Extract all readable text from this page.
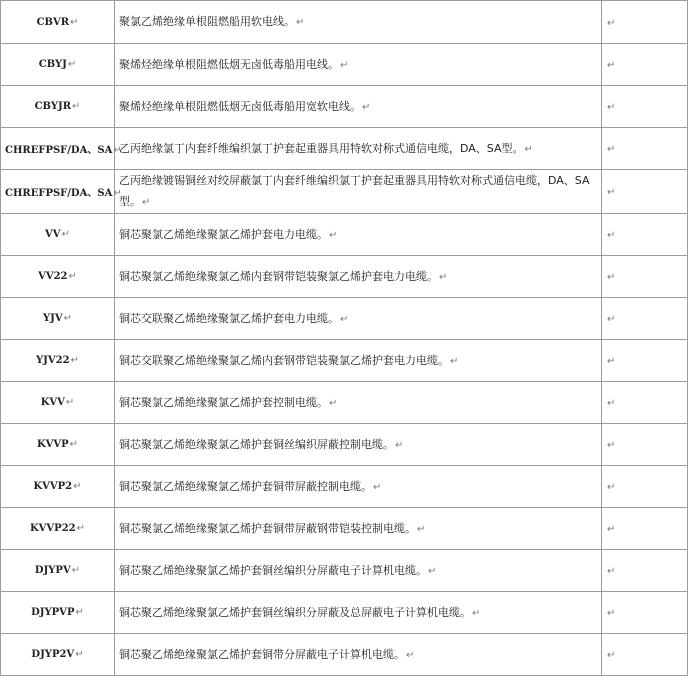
CBVR↵	聚氯乙烯绝缘单根阻燃船用软电线。↵	↵
CBYJ↵	聚烯烃绝缘单根阻燃低烟无卤低毒船用电线。↵	↵
CBYJR↵	聚烯烃绝缘单根阻燃低烟无卤低毒船用宽软电线。↵	↵
CHREFPSF/DA、SA↵	乙丙绝缘氯丁内套纤维编织氯丁护套起重器具用特软对称式通信电缆，DA、SA型。↵	↵
CHREFPSF/DA、SA↵	乙丙绝缘镀锡铜丝对绞屏蔽氯丁内套纤维编织氯丁护套起重器具用特软对称式通信电缆，DA、SA型。↵	↵
VV↵	铜芯聚氯乙烯绝缘聚氯乙烯护套电力电缆。↵	↵
VV22↵	铜芯聚氯乙烯绝缘聚氯乙烯内套钢带铠装聚氯乙烯护套电力电缆。↵	↵
YJV↵	铜芯交联聚乙烯绝缘聚氯乙烯护套电力电缆。↵	↵
YJV22↵	铜芯交联聚乙烯绝缘聚氯乙烯内套钢带铠装聚氯乙烯护套电力电缆。↵	↵
KVV↵	铜芯聚氯乙烯绝缘聚氯乙烯护套控制电缆。↵	↵
KVVP↵	铜芯聚氯乙烯绝缘聚氯乙烯护套铜丝编织屏蔽控制电缆。↵	↵
KVVP2↵	铜芯聚氯乙烯绝缘聚氯乙烯护套铜带屏蔽控制电缆。↵	↵
KVVP22↵	铜芯聚氯乙烯绝缘聚氯乙烯护套铜带屏蔽钢带铠装控制电缆。↵	↵
DJYPV↵	铜芯聚乙烯绝缘聚氯乙烯护套铜丝编织分屏蔽电子计算机电缆。↵	↵
DJYPVP↵	铜芯聚乙烯绝缘聚氯乙烯护套铜丝编织分屏蔽及总屏蔽电子计算机电缆。↵	↵
DJYP2V↵	铜芯聚乙烯绝缘聚氯乙烯护套铜带分屏蔽电子计算机电缆。↵	↵
